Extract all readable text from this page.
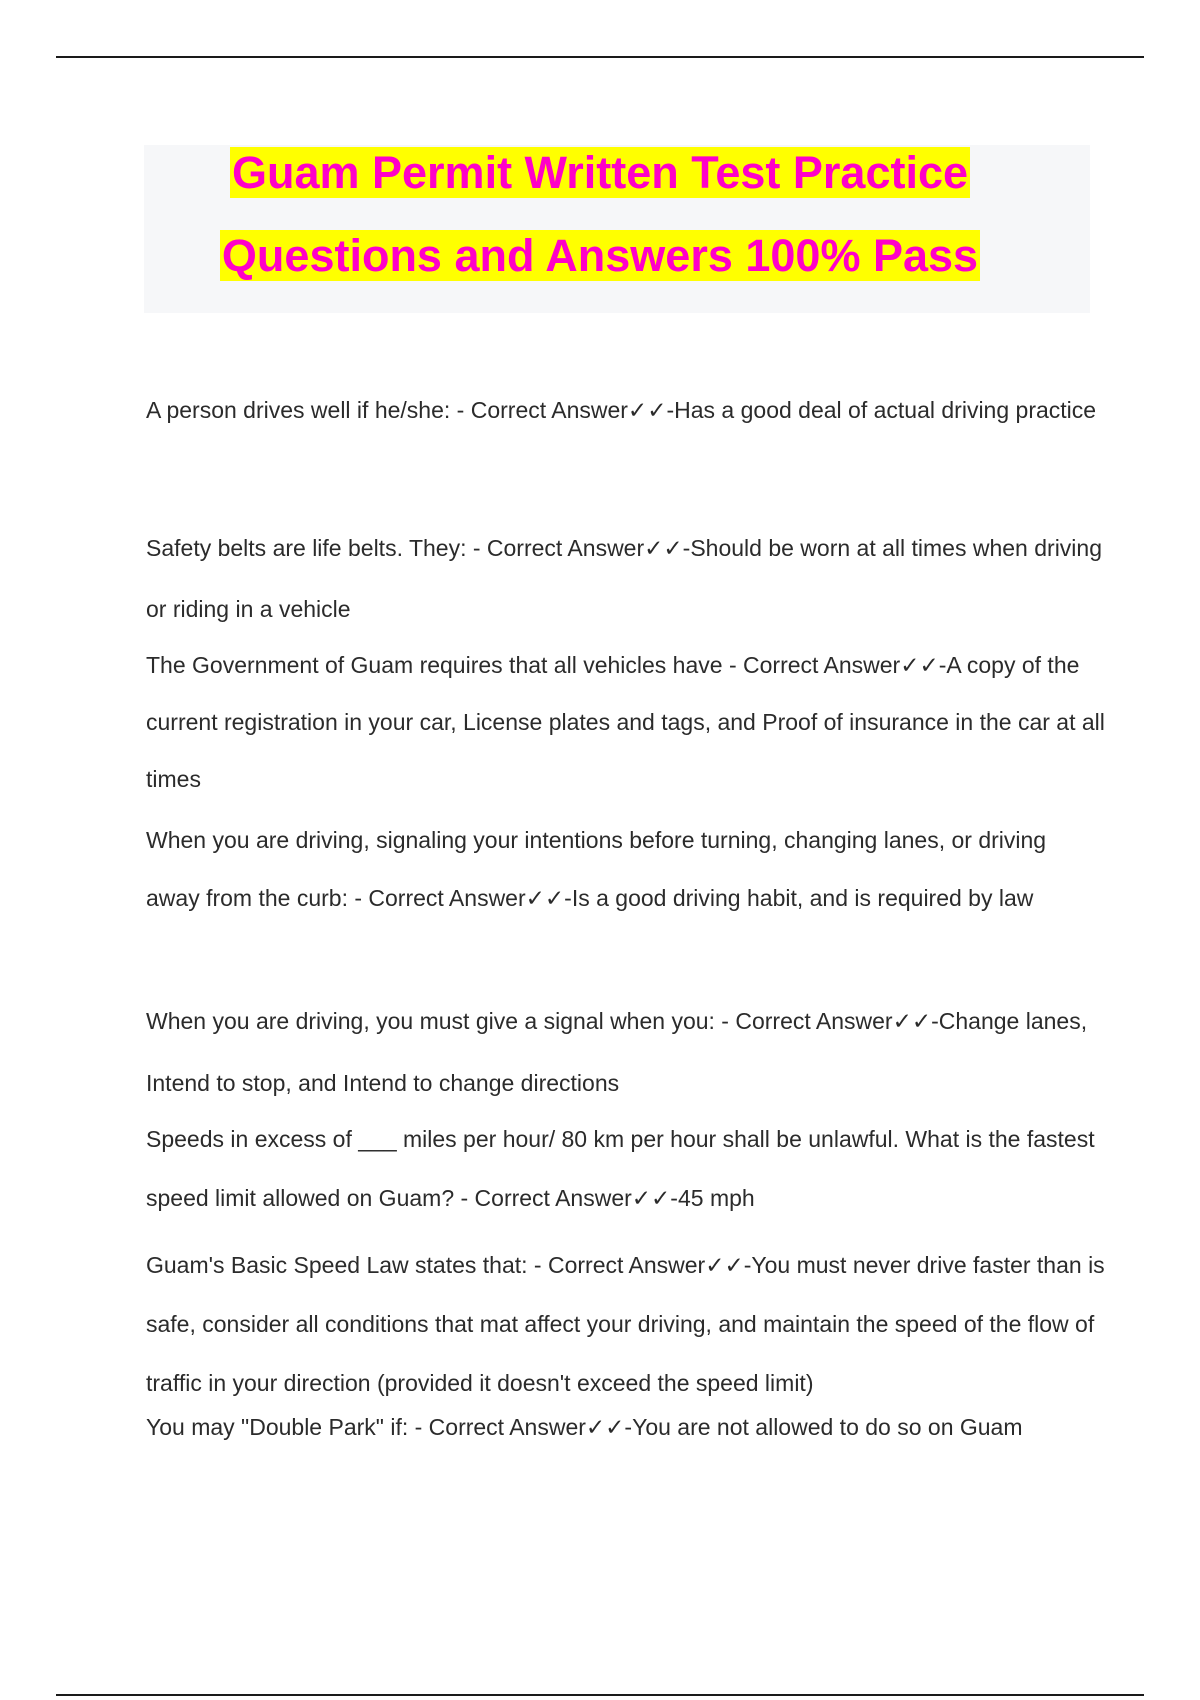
Guam Permit Written Test Practice
Questions and Answers 100% Pass

A person drives well if he/she: - Correct Answer✓✓-Has a good deal of actual driving practice

Safety belts are life belts. They: - Correct Answer✓✓-Should be worn at all times when driving or riding in a vehicle

The Government of Guam requires that all vehicles have - Correct Answer✓✓-A copy of the current registration in your car, License plates and tags, and Proof of insurance in the car at all times

When you are driving, signaling your intentions before turning, changing lanes, or driving away from the curb: - Correct Answer✓✓-Is a good driving habit, and is required by law

When you are driving, you must give a signal when you: - Correct Answer✓✓-Change lanes, Intend to stop, and Intend to change directions

Speeds in excess of ___ miles per hour/ 80 km per hour shall be unlawful. What is the fastest speed limit allowed on Guam? - Correct Answer✓✓-45 mph

Guam's Basic Speed Law states that: - Correct Answer✓✓-You must never drive faster than is safe, consider all conditions that mat affect your driving, and maintain the speed of the flow of traffic in your direction (provided it doesn't exceed the speed limit)

You may "Double Park" if: - Correct Answer✓✓-You are not allowed to do so on Guam
